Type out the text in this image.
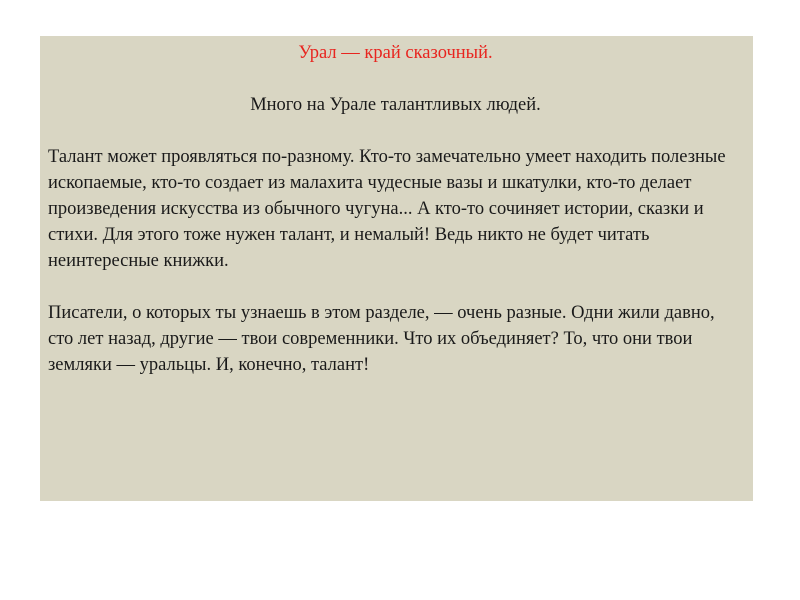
Урал — край сказочный.

Много на Урале талантливых людей.

Талант может проявляться по-разному. Кто-то замечательно умеет находить полезные ископаемые, кто-то создает из малахита чудесные вазы и шкатулки, кто-то делает произведения искусства из обычного чугуна... А кто-то сочиняет истории, сказки и стихи. Для этого тоже нужен талант, и немалый! Ведь никто не будет читать неинтересные книжки.

Писатели, о которых ты узнаешь в этом разделе, — очень разные. Одни жили давно, сто лет назад, другие — твои современники. Что их объединяет? То, что они твои земляки — уральцы. И, конечно, талант!
